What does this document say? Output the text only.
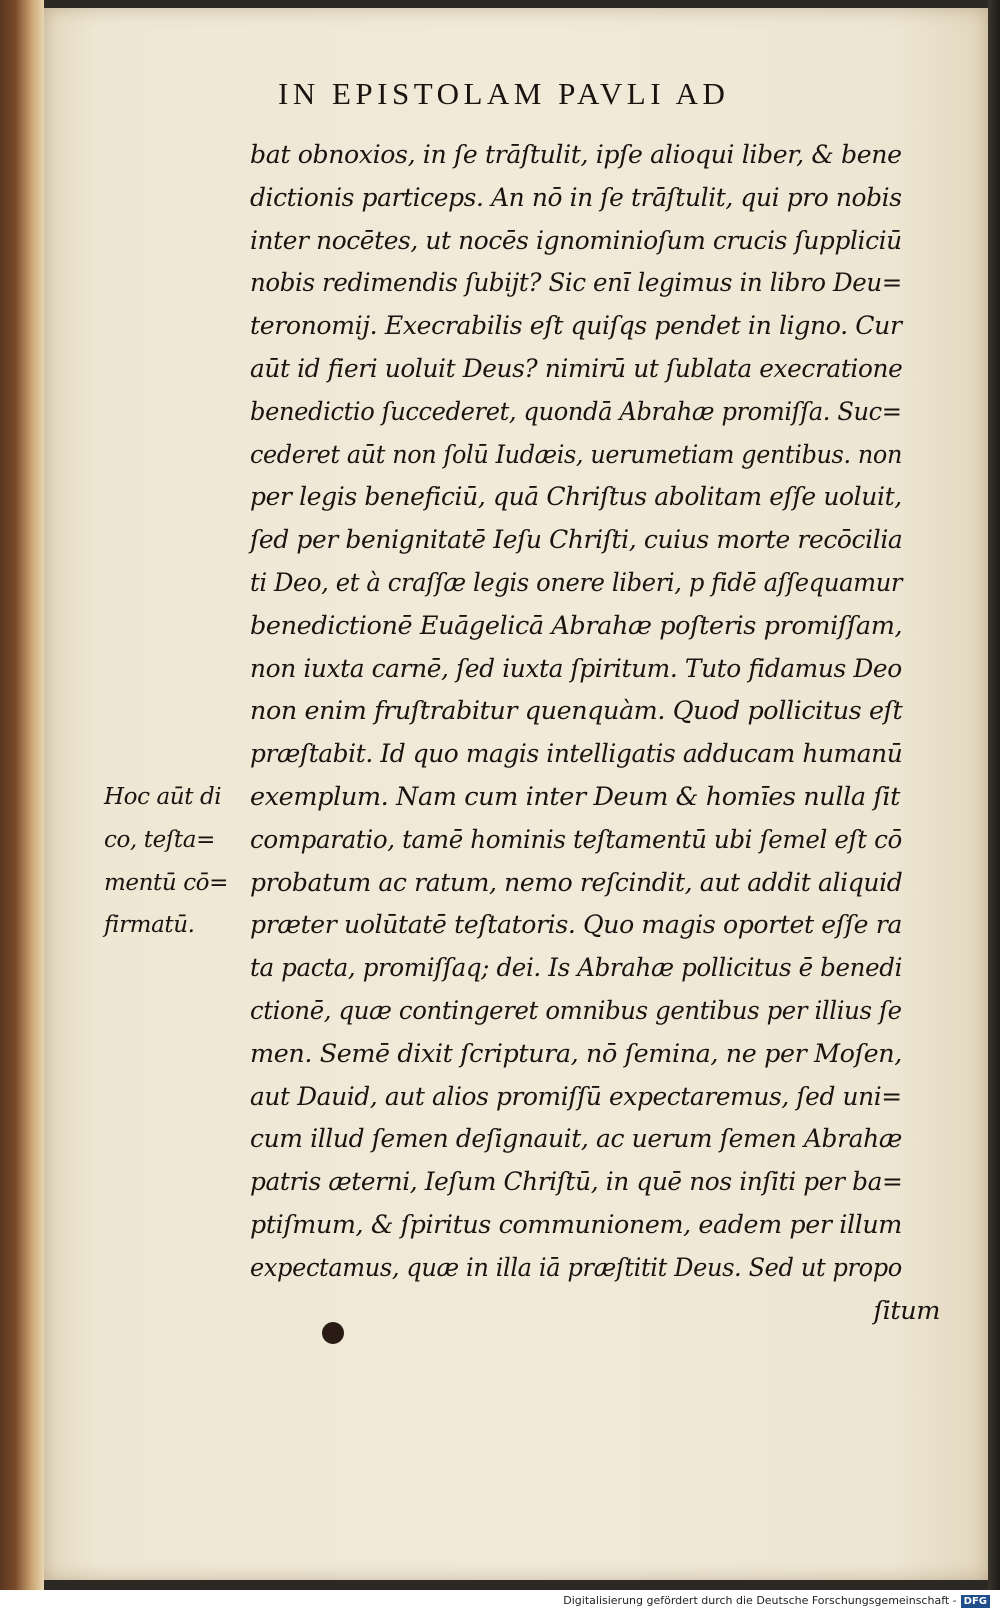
IN EPISTOLAM PAVLI AD
bat obnoxios, in ſe trāſtulit, ipſe alioqui liber, & bene
dictionis particeps. An nō in ſe trāſtulit, qui pro nobis
inter nocētes, ut nocēs ignominioſum crucis ſuppliciū
nobis redimendis ſubijt? Sic enī legimus in libro Deu=
teronomij. Execrabilis eſt quiſqs pendet in ligno. Cur
aūt id fieri uoluit Deus? nimirū ut ſublata execratione
benedictio ſuccederet, quondā Abrahæ promiſſa. Suc=
cederet aūt non ſolū Iudæis, uerumetiam gentibus. non
per legis beneficiū, quā Chriſtus abolitam eſſe uoluit,
ſed per benignitatē Ieſu Chriſti, cuius morte recōcilia
ti Deo, et à craſſæ legis onere liberi, p fidē aſſequamur
benedictionē Euāgelicā Abrahæ poſteris promiſſam,
non iuxta carnē, ſed iuxta ſpiritum. Tuto fidamus Deo
non enim fruſtrabitur quenquàm. Quod pollicitus eſt
præſtabit. Id quo magis intelligatis adducam humanū
exemplum. Nam cum inter Deum & homīes nulla ſit
comparatio, tamē hominis teſtamentū ubi ſemel eſt cō
probatum ac ratum, nemo reſcindit, aut addit aliquid
præter uolūtatē teſtatoris. Quo magis oportet eſſe ra
ta pacta, promiſſaq; dei. Is Abrahæ pollicitus ē benedi
ctionē, quæ contingeret omnibus gentibus per illius ſe
men. Semē dixit ſcriptura, nō ſemina, ne per Moſen,
aut Dauid, aut alios promiſſū expectaremus, ſed uni=
cum illud ſemen deſignauit, ac uerum ſemen Abrahæ
patris æterni, Ieſum Chriſtū, in quē nos inſiti per ba=
ptiſmum, & ſpiritus communionem, eadem per illum
expectamus, quæ in illa iā præſtitit Deus. Sed ut propo
ſitum
Hoc aūt di
co, teſta=
mentū cō=
firmatū.
Digitalisierung gefördert durch die Deutsche Forschungsgemeinschaft - DFG
